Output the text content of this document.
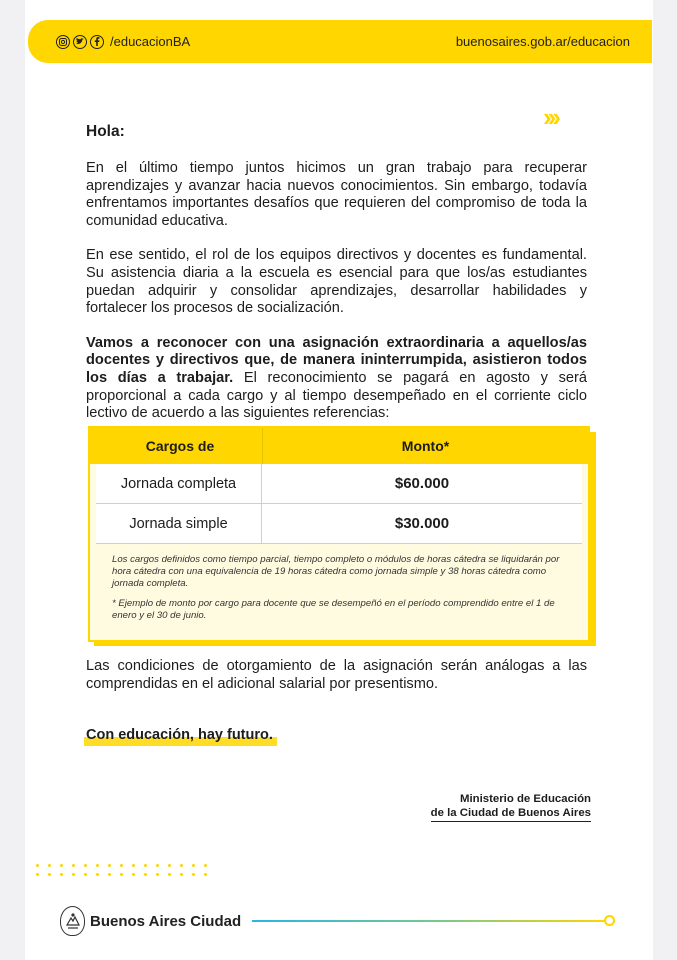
/educacionBA	buenosaires.gob.ar/educacion
›››
Hola:

En el último tiempo juntos hicimos un gran trabajo para recuperar aprendizajes y avanzar hacia nuevos conocimientos. Sin embargo, todavía enfrentamos importantes desafíos que requieren del compromiso de toda la comunidad educativa.

En ese sentido, el rol de los equipos directivos y docentes es fundamental. Su asistencia diaria a la escuela es esencial para que los/as estudiantes puedan adquirir y consolidar aprendizajes, desarrollar habilidades y fortalecer los procesos de socialización.

Vamos a reconocer con una asignación extraordinaria a aquellos/as docentes y directivos que, de manera ininterrumpida, asistieron todos los días a trabajar. El reconocimiento se pagará en agosto y será proporcional a cada cargo y al tiempo desempeñado en el corriente ciclo lectivo de acuerdo a las siguientes referencias:

Cargos de	Monto*
Jornada completa	$60.000
Jornada simple	$30.000

Los cargos definidos como tiempo parcial, tiempo completo o módulos de horas cátedra se liquidarán por hora cátedra con una equivalencia de 19 horas cátedra como jornada simple y 38 horas cátedra como jornada completa.

* Ejemplo de monto por cargo para docente que se desempeñó en el período comprendido entre el 1 de enero y el 30 de junio.

Las condiciones de otorgamiento de la asignación serán análogas a las comprendidas en el adicional salarial por presentismo.

Con educación, hay futuro.
Ministerio de Educación
de la Ciudad de Buenos Aires
Buenos Aires Ciudad
